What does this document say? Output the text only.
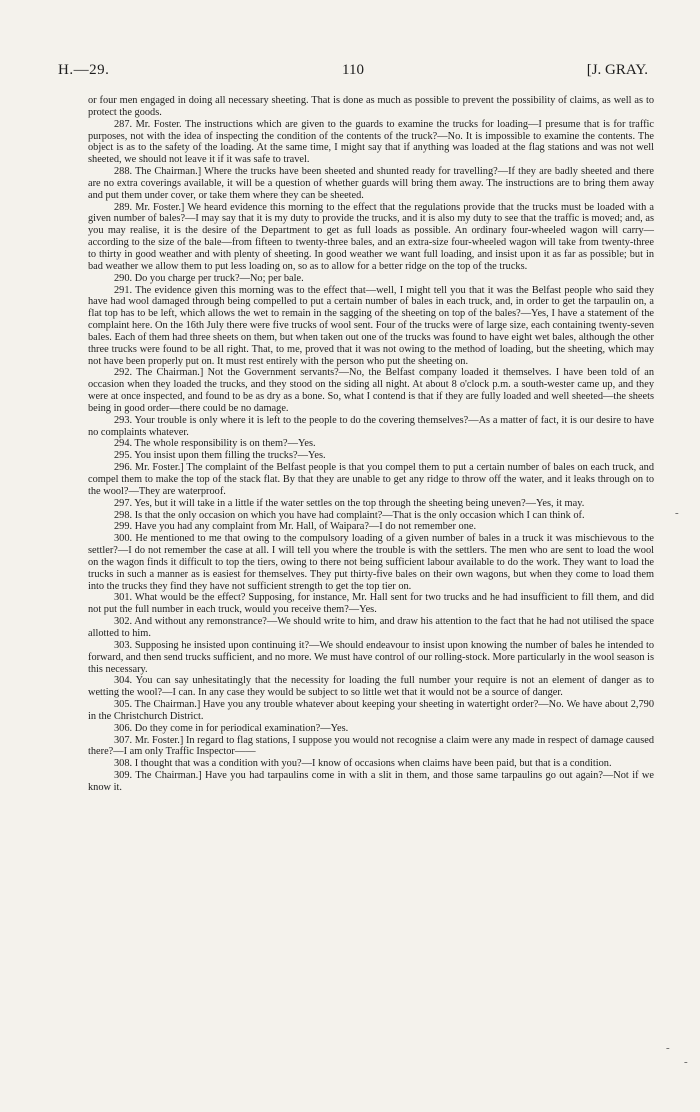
H.—29.	110	[J. GRAY.

or four men engaged in doing all necessary sheeting. That is done as much as possible to prevent the possibility of claims, as well as to protect the goods.

287. Mr. Foster. The instructions which are given to the guards to examine the trucks for loading—I presume that is for traffic purposes, not with the idea of inspecting the condition of the contents of the truck?—No. It is impossible to examine the contents. The object is as to the safety of the loading. At the same time, I might say that if anything was loaded at the flag stations and was not well sheeted, we should not leave it if it was safe to travel.

288. The Chairman.] Where the trucks have been sheeted and shunted ready for travelling?—If they are badly sheeted and there are no extra coverings available, it will be a question of whether guards will bring them away. The instructions are to bring them away and put them under cover, or take them where they can be sheeted.

289. Mr. Foster.] We heard evidence this morning to the effect that the regulations provide that the trucks must be loaded with a given number of bales?—I may say that it is my duty to provide the trucks, and it is also my duty to see that the traffic is moved; and, as you may realise, it is the desire of the Department to get as full loads as possible. An ordinary four-wheeled wagon will carry—according to the size of the bale—from fifteen to twenty-three bales, and an extra-size four-wheeled wagon will take from twenty-three to thirty in good weather and with plenty of sheeting. In good weather we want full loading, and insist upon it as far as possible; but in bad weather we allow them to put less loading on, so as to allow for a better ridge on the top of the trucks.

290. Do you charge per truck?—No; per bale.

291. The evidence given this morning was to the effect that—well, I might tell you that it was the Belfast people who said they have had wool damaged through being compelled to put a certain number of bales in each truck, and, in order to get the tarpaulin on, a flat top has to be left, which allows the wet to remain in the sagging of the sheeting on top of the bales?—Yes, I have a statement of the complaint here. On the 16th July there were five trucks of wool sent. Four of the trucks were of large size, each containing twenty-seven bales. Each of them had three sheets on them, but when taken out one of the trucks was found to have eight wet bales, although the other three trucks were found to be all right. That, to me, proved that it was not owing to the method of loading, but the sheeting, which may not have been properly put on. It must rest entirely with the person who put the sheeting on.

292. The Chairman.] Not the Government servants?—No, the Belfast company loaded it themselves. I have been told of an occasion when they loaded the trucks, and they stood on the siding all night. At about 8 o'clock p.m. a south-wester came up, and they were at once inspected, and found to be as dry as a bone. So, what I contend is that if they are fully loaded and well sheeted—the sheets being in good order—there could be no damage.

293. Your trouble is only where it is left to the people to do the covering themselves?—As a matter of fact, it is our desire to have no complaints whatever.

294. The whole responsibility is on them?—Yes.

295. You insist upon them filling the trucks?—Yes.

296. Mr. Foster.] The complaint of the Belfast people is that you compel them to put a certain number of bales on each truck, and compel them to make the top of the stack flat. By that they are unable to get any ridge to throw off the water, and it leaks through on to the wool?—They are waterproof.

297. Yes, but it will take in a little if the water settles on the top through the sheeting being uneven?—Yes, it may.

298. Is that the only occasion on which you have had complaint?—That is the only occasion which I can think of.

299. Have you had any complaint from Mr. Hall, of Waipara?—I do not remember one.

300. He mentioned to me that owing to the compulsory loading of a given number of bales in a truck it was mischievous to the settler?—I do not remember the case at all. I will tell you where the trouble is with the settlers. The men who are sent to load the wool on the wagon finds it difficult to top the tiers, owing to there not being sufficient labour available to do the work. They want to load the trucks in such a manner as is easiest for themselves. They put thirty-five bales on their own wagons, but when they come to load them into the trucks they find they have not sufficient strength to get the top tier on.

301. What would be the effect? Supposing, for instance, Mr. Hall sent for two trucks and he had insufficient to fill them, and did not put the full number in each truck, would you receive them?—Yes.

302. And without any remonstrance?—We should write to him, and draw his attention to the fact that he had not utilised the space allotted to him.

303. Supposing he insisted upon continuing it?—We should endeavour to insist upon knowing the number of bales he intended to forward, and then send trucks sufficient, and no more. We must have control of our rolling-stock. More particularly in the wool season is this necessary.

304. You can say unhesitatingly that the necessity for loading the full number your require is not an element of danger as to wetting the wool?—I can. In any case they would be subject to so little wet that it would not be a source of danger.

305. The Chairman.] Have you any trouble whatever about keeping your sheeting in watertight order?—No. We have about 2,790 in the Christchurch District.

306. Do they come in for periodical examination?—Yes.

307. Mr. Foster.] In regard to flag stations, I suppose you would not recognise a claim were any made in respect of damage caused there?—I am only Traffic Inspector——

308. I thought that was a condition with you?—I know of occasions when claims have been paid, but that is a condition.

309. The Chairman.] Have you had tarpaulins come in with a slit in them, and those same tarpaulins go out again?—Not if we know it.

-
-
-
